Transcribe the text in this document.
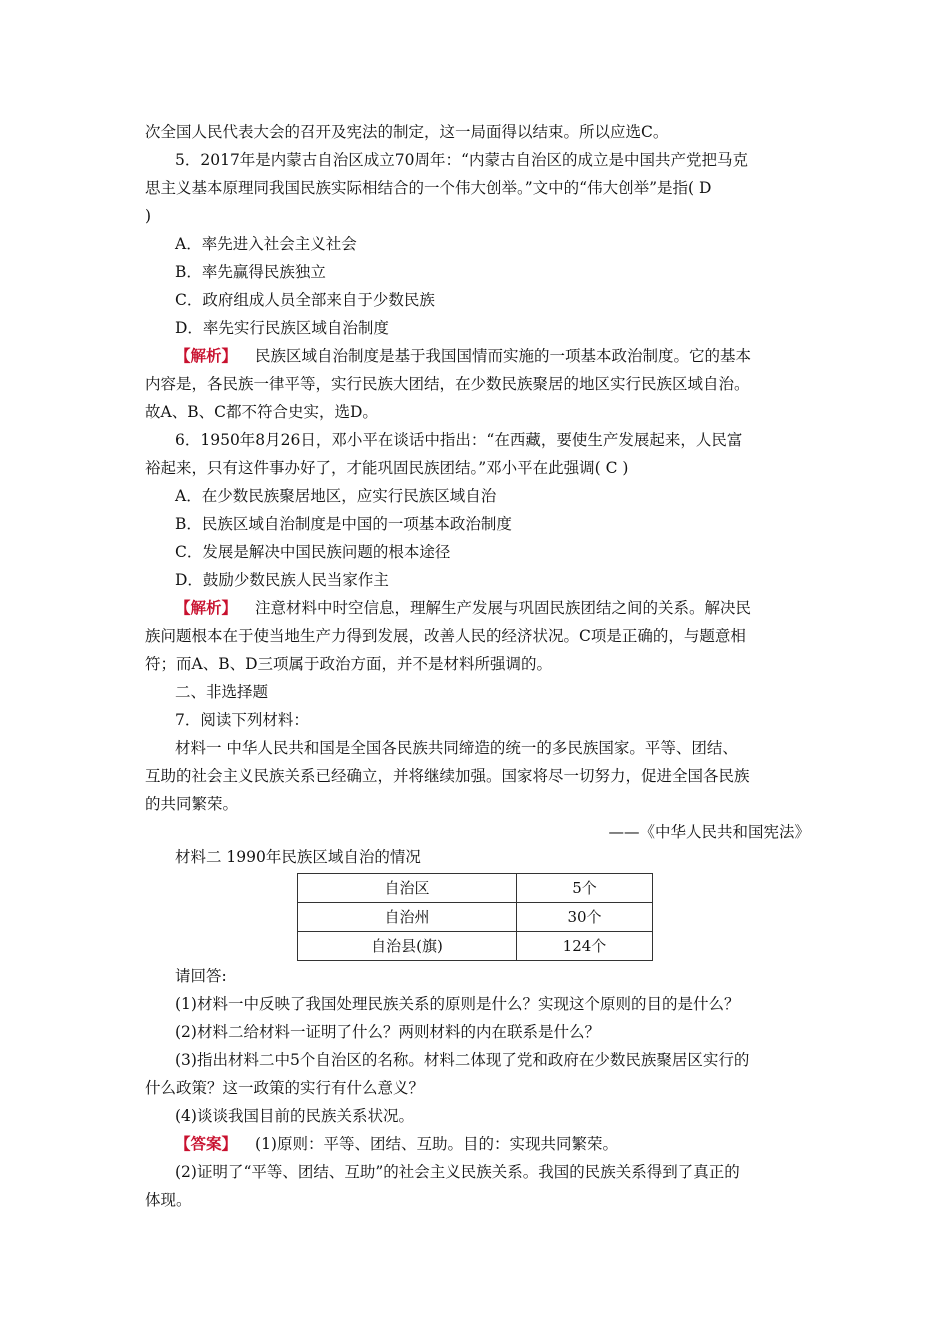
次全国人民代表大会的召开及宪法的制定，这一局面得以结束。所以应选C。
5．2017年是内蒙古自治区成立70周年：“内蒙古自治区的成立是中国共产党把马克
思主义基本原理同我国民族实际相结合的一个伟大创举。”文中的“伟大创举”是指( D
)
A．率先进入社会主义社会
B．率先赢得民族独立
C．政府组成人员全部来自于少数民族
D．率先实行民族区域自治制度
【解析】 民族区域自治制度是基于我国国情而实施的一项基本政治制度。它的基本
内容是，各民族一律平等，实行民族大团结，在少数民族聚居的地区实行民族区域自治。
故A、B、C都不符合史实，选D。
6．1950年8月26日，邓小平在谈话中指出：“在西藏，要使生产发展起来，人民富
裕起来，只有这件事办好了，才能巩固民族团结。”邓小平在此强调( C )
A．在少数民族聚居地区，应实行民族区域自治
B．民族区域自治制度是中国的一项基本政治制度
C．发展是解决中国民族问题的根本途径
D．鼓励少数民族人民当家作主
【解析】 注意材料中时空信息，理解生产发展与巩固民族团结之间的关系。解决民
族问题根本在于使当地生产力得到发展，改善人民的经济状况。C项是正确的，与题意相
符；而A、B、D三项属于政治方面，并不是材料所强调的。
二、非选择题
7．阅读下列材料：
材料一 中华人民共和国是全国各民族共同缔造的统一的多民族国家。平等、团结、
互助的社会主义民族关系已经确立，并将继续加强。国家将尽一切努力，促进全国各民族
的共同繁荣。
——《中华人民共和国宪法》
材料二 1990年民族区域自治的情况
自治区	5个
自治州	30个
自治县(旗)	124个
请回答:
(1)材料一中反映了我国处理民族关系的原则是什么？实现这个原则的目的是什么？
(2)材料二给材料一证明了什么？两则材料的内在联系是什么？
(3)指出材料二中5个自治区的名称。材料二体现了党和政府在少数民族聚居区实行的
什么政策？这一政策的实行有什么意义？
(4)谈谈我国目前的民族关系状况。
【答案】 (1)原则：平等、团结、互助。目的：实现共同繁荣。
(2)证明了“平等、团结、互助”的社会主义民族关系。我国的民族关系得到了真正的
体现。
